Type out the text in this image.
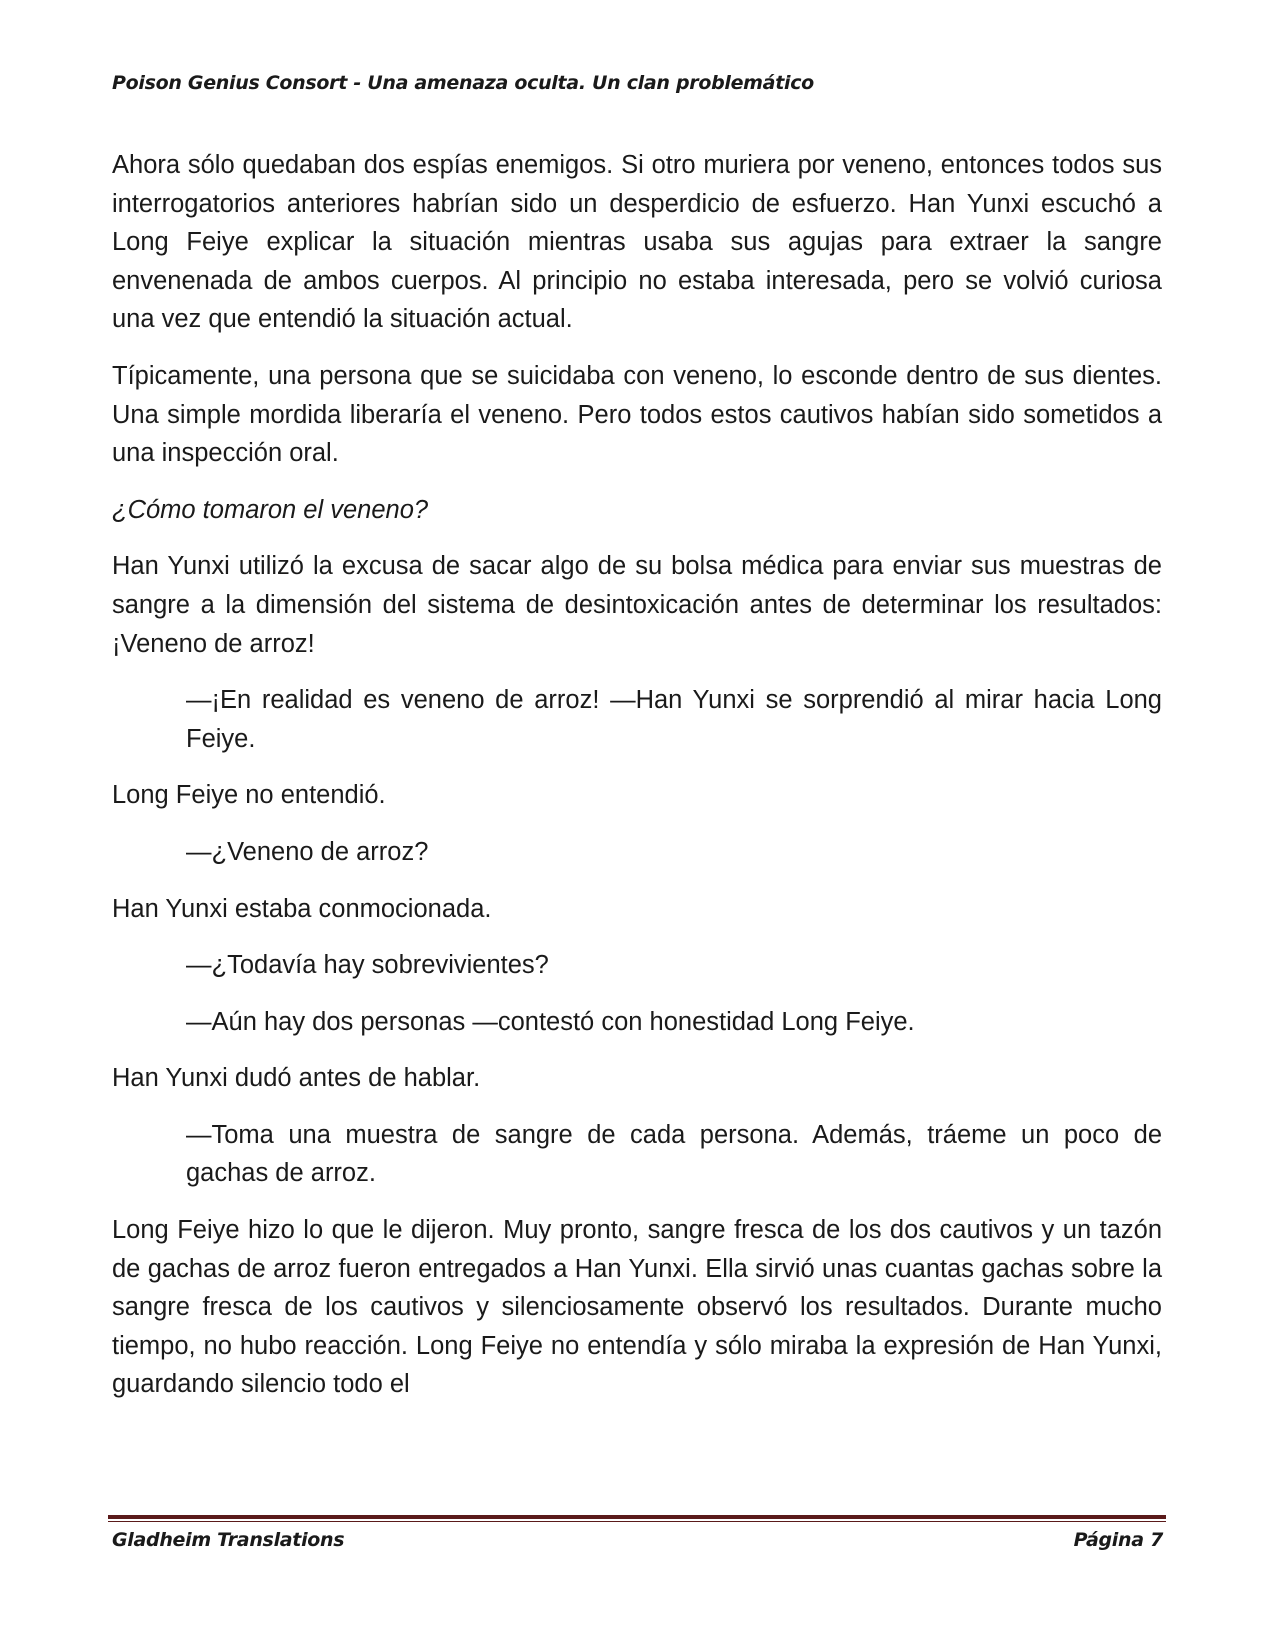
Poison Genius Consort - Una amenaza oculta. Un clan problemático

Ahora sólo quedaban dos espías enemigos. Si otro muriera por veneno, entonces todos sus interrogatorios anteriores habrían sido un desperdicio de esfuerzo. Han Yunxi escuchó a Long Feiye explicar la situación mientras usaba sus agujas para extraer la sangre envenenada de ambos cuerpos. Al principio no estaba interesada, pero se volvió curiosa una vez que entendió la situación actual.

Típicamente, una persona que se suicidaba con veneno, lo esconde dentro de sus dientes. Una simple mordida liberaría el veneno. Pero todos estos cautivos habían sido sometidos a una inspección oral.

¿Cómo tomaron el veneno?

Han Yunxi utilizó la excusa de sacar algo de su bolsa médica para enviar sus muestras de sangre a la dimensión del sistema de desintoxicación antes de determinar los resultados: ¡Veneno de arroz!

—¡En realidad es veneno de arroz! —Han Yunxi se sorprendió al mirar hacia Long Feiye.

Long Feiye no entendió.

—¿Veneno de arroz?

Han Yunxi estaba conmocionada.

—¿Todavía hay sobrevivientes?

—Aún hay dos personas —contestó con honestidad Long Feiye.

Han Yunxi dudó antes de hablar.

—Toma una muestra de sangre de cada persona. Además, tráeme un poco de gachas de arroz.

Long Feiye hizo lo que le dijeron. Muy pronto, sangre fresca de los dos cautivos y un tazón de gachas de arroz fueron entregados a Han Yunxi. Ella sirvió unas cuantas gachas sobre la sangre fresca de los cautivos y silenciosamente observó los resultados. Durante mucho tiempo, no hubo reacción. Long Feiye no entendía y sólo miraba la expresión de Han Yunxi, guardando silencio todo el

Gladheim Translations	Página 7
